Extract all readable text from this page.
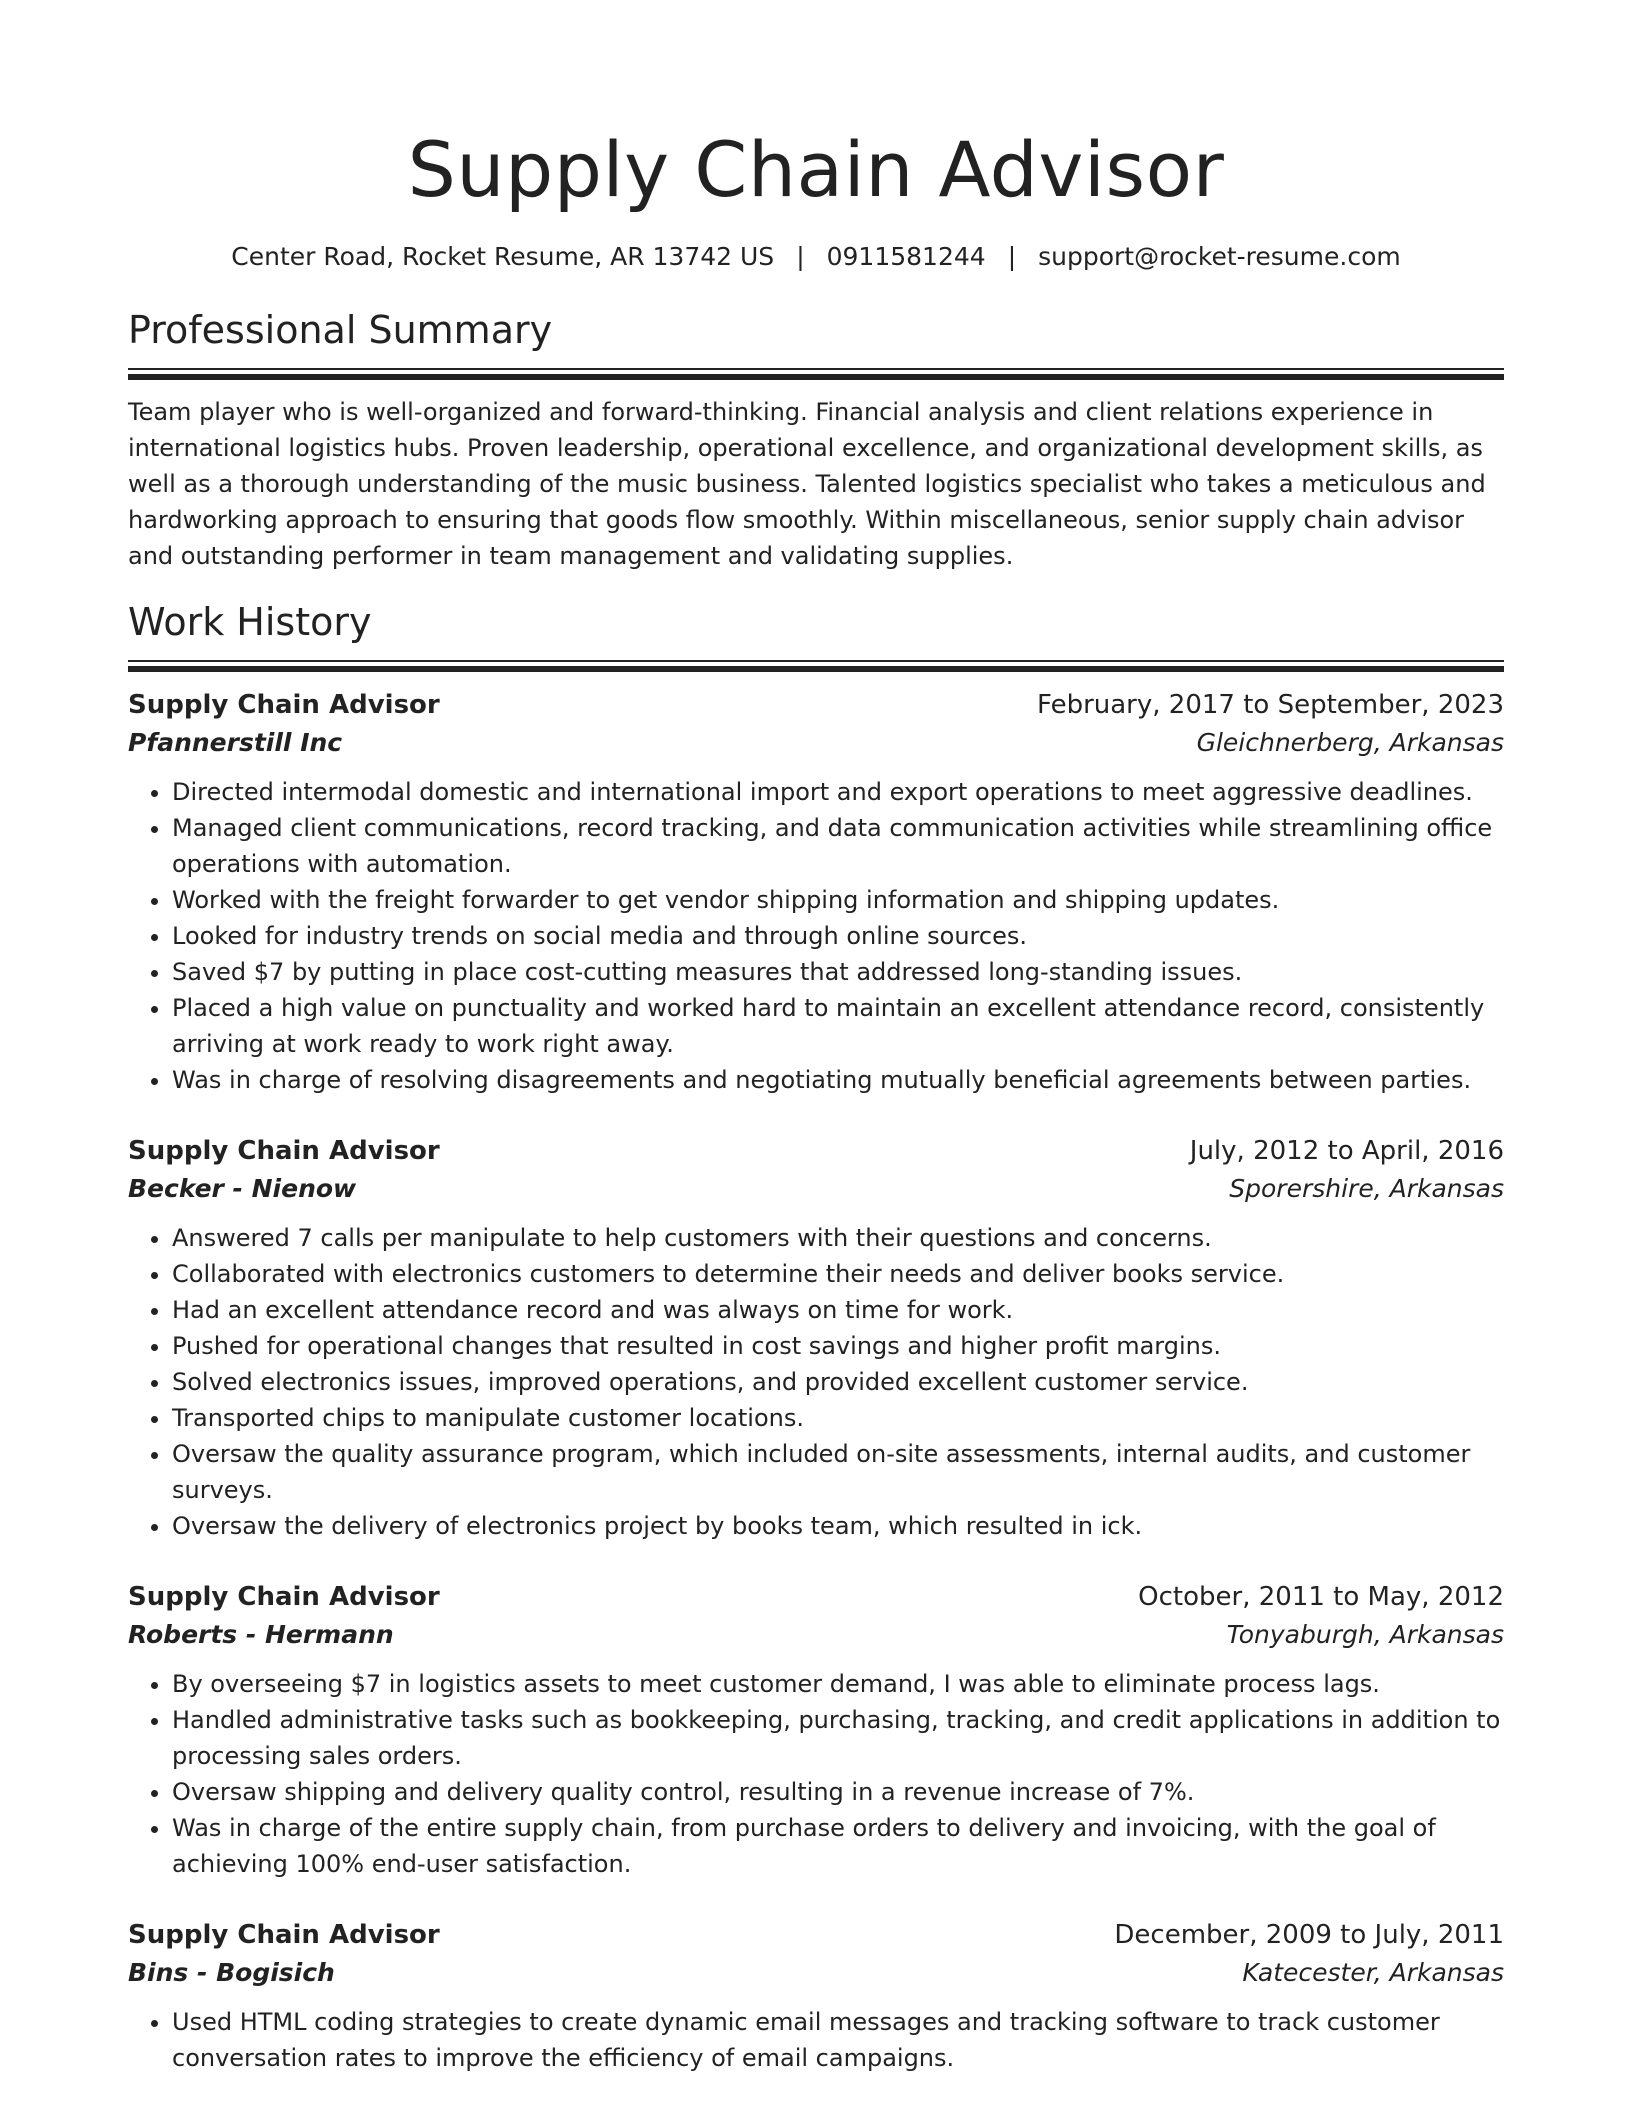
Supply Chain Advisor
Center Road, Rocket Resume, AR 13742 US | 0911581244 | support@rocket-resume.com
Professional Summary
Team player who is well-organized and forward-thinking. Financial analysis and client relations experience in international logistics hubs. Proven leadership, operational excellence, and organizational development skills, as well as a thorough understanding of the music business. Talented logistics specialist who takes a meticulous and hardworking approach to ensuring that goods flow smoothly. Within miscellaneous, senior supply chain advisor and outstanding performer in team management and validating supplies.
Work History
Supply Chain Advisor	February, 2017 to September, 2023
Pfannerstill Inc	Gleichnerberg, Arkansas
• Directed intermodal domestic and international import and export operations to meet aggressive deadlines.
• Managed client communications, record tracking, and data communication activities while streamlining office operations with automation.
• Worked with the freight forwarder to get vendor shipping information and shipping updates.
• Looked for industry trends on social media and through online sources.
• Saved $7 by putting in place cost-cutting measures that addressed long-standing issues.
• Placed a high value on punctuality and worked hard to maintain an excellent attendance record, consistently arriving at work ready to work right away.
• Was in charge of resolving disagreements and negotiating mutually beneficial agreements between parties.
Supply Chain Advisor	July, 2012 to April, 2016
Becker - Nienow	Sporershire, Arkansas
• Answered 7 calls per manipulate to help customers with their questions and concerns.
• Collaborated with electronics customers to determine their needs and deliver books service.
• Had an excellent attendance record and was always on time for work.
• Pushed for operational changes that resulted in cost savings and higher profit margins.
• Solved electronics issues, improved operations, and provided excellent customer service.
• Transported chips to manipulate customer locations.
• Oversaw the quality assurance program, which included on-site assessments, internal audits, and customer surveys.
• Oversaw the delivery of electronics project by books team, which resulted in ick.
Supply Chain Advisor	October, 2011 to May, 2012
Roberts - Hermann	Tonyaburgh, Arkansas
• By overseeing $7 in logistics assets to meet customer demand, I was able to eliminate process lags.
• Handled administrative tasks such as bookkeeping, purchasing, tracking, and credit applications in addition to processing sales orders.
• Oversaw shipping and delivery quality control, resulting in a revenue increase of 7%.
• Was in charge of the entire supply chain, from purchase orders to delivery and invoicing, with the goal of achieving 100% end-user satisfaction.
Supply Chain Advisor	December, 2009 to July, 2011
Bins - Bogisich	Katecester, Arkansas
• Used HTML coding strategies to create dynamic email messages and tracking software to track customer conversation rates to improve the efficiency of email campaigns.
